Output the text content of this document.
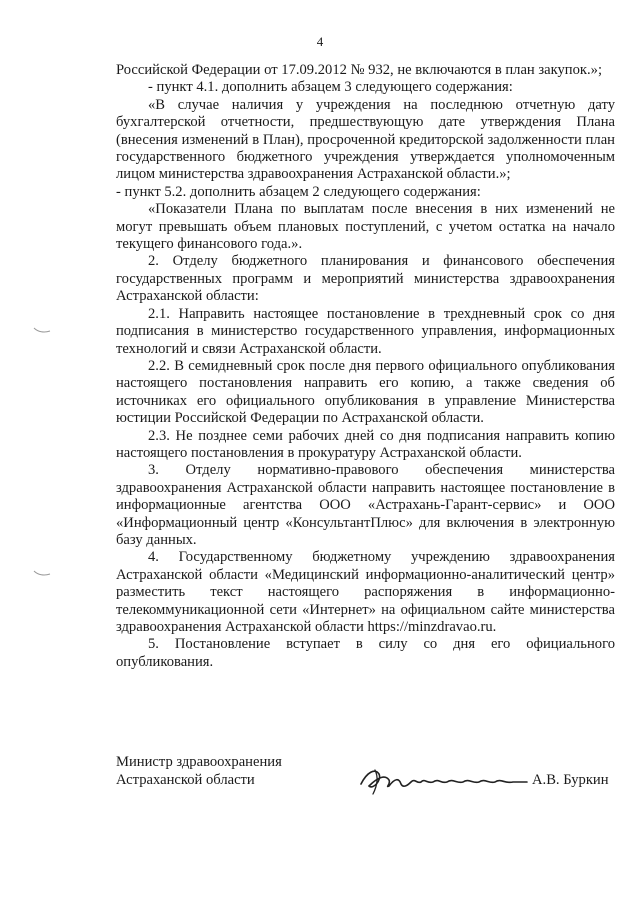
4

Российской Федерации от 17.09.2012 № 932, не включаются в план закупок.»;

- пункт 4.1. дополнить абзацем 3 следующего содержания:

«В случае наличия у учреждения на последнюю отчетную дату бухгалтерской отчетности, предшествующую дате утверждения Плана (внесения изменений в План), просроченной кредиторской задолженности план государственного бюджетного учреждения утверждается уполномоченным лицом министерства здравоохранения Астраханской области.»;

- пункт 5.2. дополнить абзацем 2 следующего содержания:

«Показатели Плана по выплатам после внесения в них изменений не могут превышать объем плановых поступлений, с учетом остатка на начало текущего финансового года.».

2. Отделу бюджетного планирования и финансового обеспечения государственных программ и мероприятий министерства здравоохранения Астраханской области:

2.1. Направить настоящее постановление в трехдневный срок со дня подписания в министерство государственного управления, информационных технологий и связи Астраханской области.

2.2. В семидневный срок после дня первого официального опубликования настоящего постановления направить его копию, а также сведения об источниках его официального опубликования в управление Министерства юстиции Российской Федерации по Астраханской области.

2.3. Не позднее семи рабочих дней со дня подписания направить копию настоящего постановления в прокуратуру Астраханской области.

3. Отделу нормативно-правового обеспечения министерства здравоохранения Астраханской области направить настоящее постановление в информационные агентства ООО «Астрахань-Гарант-сервис» и ООО «Информационный центр «КонсультантПлюс» для включения в электронную базу данных.

4. Государственному бюджетному учреждению здравоохранения Астраханской области «Медицинский информационно-аналитический центр» разместить текст настоящего распоряжения в информационно-телекоммуникационной сети «Интернет» на официальном сайте министерства здравоохранения Астраханской области https://minzdravao.ru.

5. Постановление вступает в силу со дня его официального опубликования.

Министр здравоохранения
Астраханской области	А.В. Буркин
